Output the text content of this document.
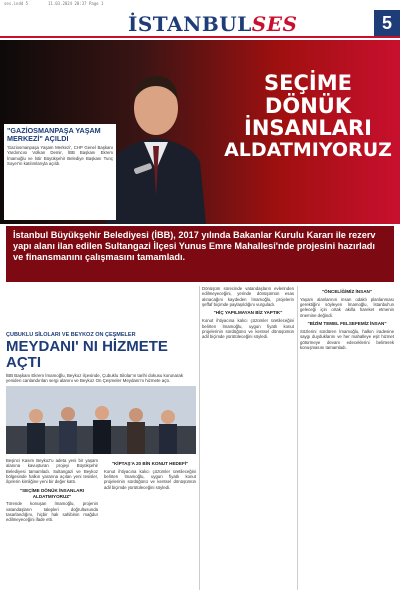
ses.indd 5	11.03.2024 20:37 Page 1
İSTANBULSES	5
SEÇİME DÖNÜK
İNSANLARI
ALDATMIYORUZ
"GAZİOSMANPAŞA YAŞAM MERKEZİ" AÇILDI
'Gaziosmanpaşa Yaşam Merkezi', CHP Genel Başkanı Yardımcısı Volkan Demir, İBB Başkanı Ekrem İmamoğlu ve İstir Büyükşehir Belediye Başkanı Tunç Soyer'in katılımlarıyla açıldı.
İstanbul Büyükşehir Belediyesi (İBB), 2017 yılında Bakanlar Kurulu Kararı ile rezerv yapı alanı ilan edilen Sultangazi İlçesi Yunus Emre Mahallesi'nde projesini hazırladı ve finansmanını çalışmasını tamamladı.
ÇUBUKLU SİLOLARI VE BEYKOZ ON ÇEŞMELER
MEYDANI' NI HİZMETE AÇTI
İBB Başkanı Ekrem İmamoğlu, Beykoz ilçesinde, Çubuklu Silolar'ın tarihi dokusu korunarak yeniden canlandırılan sergi alanını ve Beykoz On Çeşmeler Meydanı'nı hizmete açtı.

Beşinci Kasım Beykoz'u adeta yeni bir yaşam alanına kavuşturan projeyi Büyükşehir Belediyesi tamamladı. Sultangazi ve Beykoz bölgesinde halkın yararına açılan yeni tesisler, ilçelerin kimliğine yeni bir değer kattı.

"SEÇİME DÖNÜK İNSANLARI ALDATMIYORUZ"

Törende konuşan İmamoğlu, projenin vatandaşların talepleri doğrultusunda tasarlandığını, hiçbir hak sahibinin mağdur edilmeyeceğini ifade etti.

"KİPTAŞ'A 20 BİN KONUT HEDEFİ"

Konut ihtiyacına kalıcı çözümler üretileceğini belirten İmamoğlu, uygun fiyatlı konut projelerinin sürdüğünü ve kentsel dönüşümün adil biçimde yürütüleceğini söyledi.

Dönüşüm sürecinde vatandaşların evlerinden edilmeyeceğini, yerinde dönüşümün esas alınacağını kaydeden İmamoğlu, projelerin şeffaf biçimde paylaşıldığını vurguladı.

"HİÇ YAPILMAYAN BİZ YAPTIK"

Konut ihtiyacına kalıcı çözümler üretileceğini belirten İmamoğlu, uygun fiyatlı konut projelerinin sürdüğünü ve kentsel dönüşümün adil biçimde yürütüleceğini söyledi.

"ÖNCELİĞİMİZ İNSAN"

Yaşam alanlarının insan odaklı planlanması gerektiğini söyleyen İmamoğlu, İstanbul'un geleceği için ortak akılla hareket etmenin önemine değindi.

"BİZİM TEMEL FELSEFEMİZ İNSAN"

Sözlerini sürdüren İmamoğlu, halkın iradesine saygı duyduklarını ve her mahalleye eşit hizmet götürmeye devam edeceklerini belirterek konuşmasını tamamladı.
